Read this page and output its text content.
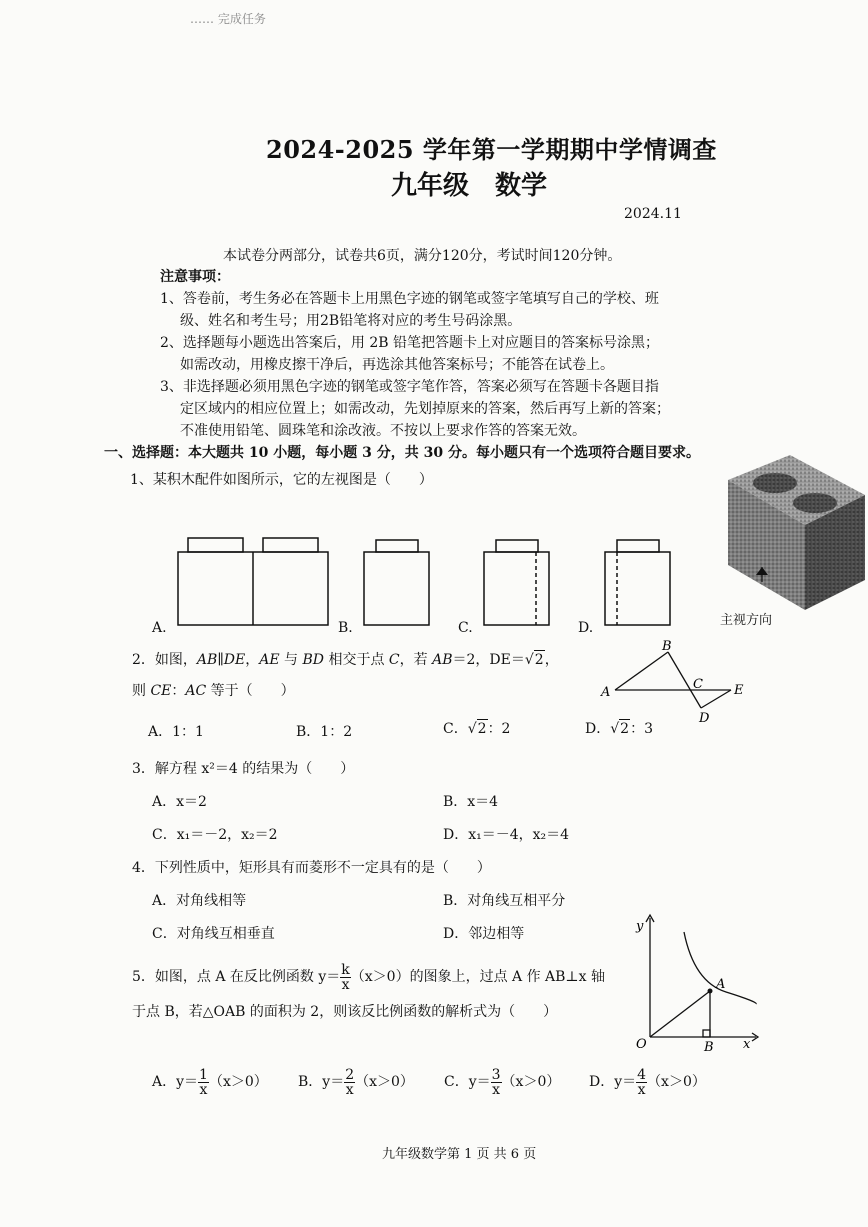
…… 完成任务
2024-2025 学年第一学期期中学情调查
九年级　数学
2024.11
本试卷分两部分，试卷共6页，满分120分，考试时间120分钟。
注意事项：
1、答卷前，考生务必在答题卡上用黑色字迹的钢笔或签字笔填写自己的学校、班
级、姓名和考生号；用2B铅笔将对应的考生号码涂黑。
2、选择题每小题选出答案后，用 2B 铅笔把答题卡上对应题目的答案标号涂黑；
如需改动，用橡皮擦干净后，再选涂其他答案标号；不能答在试卷上。
3、非选择题必须用黑色字迹的钢笔或签字笔作答，答案必须写在答题卡各题目指
定区域内的相应位置上；如需改动，先划掉原来的答案，然后再写上新的答案；
不准使用铅笔、圆珠笔和涂改液。不按以上要求作答的答案无效。
一、选择题：本大题共 10 小题，每小题 3 分，共 30 分。每小题只有一个选项符合题目要求。
1、某积木配件如图所示，它的左视图是（　　）
A.	B.	C.	D.	主视方向
2．如图，AB∥DE，AE 与 BD 相交于点 C，若 AB＝2，DE＝√2，
则 CE：AC 等于（　　）	A
B
C
D
E
A．1：1	B．1：2	C．√2：2	D．√2：3
3．解方程 x²＝4 的结果为（　　）
A．x＝2	B．x＝4
C．x₁＝－2，x₂＝2	D．x₁＝－4，x₂＝4
4．下列性质中，矩形具有而菱形不一定具有的是（　　）
A．对角线相等	B．对角线互相平分
C．对角线互相垂直	D．邻边相等
5．如图，点 A 在反比例函数 $y= \frac{k}{x} (x>0)$的图象上，过点 A 作 AB⊥x 轴
于点 B，若△OAB 的面积为 2，则该反比例函数的解析式为（　　）
y
x
O
A
B
A．$y= \frac{1}{x} (x>0)$ B．$y= \frac{2}{x} (x>0)$ C．$y= \frac{3}{x} (x>0)$ D．$y= \frac{4}{x} (x>0)$
九年级数学第 1 页 共 6 页
